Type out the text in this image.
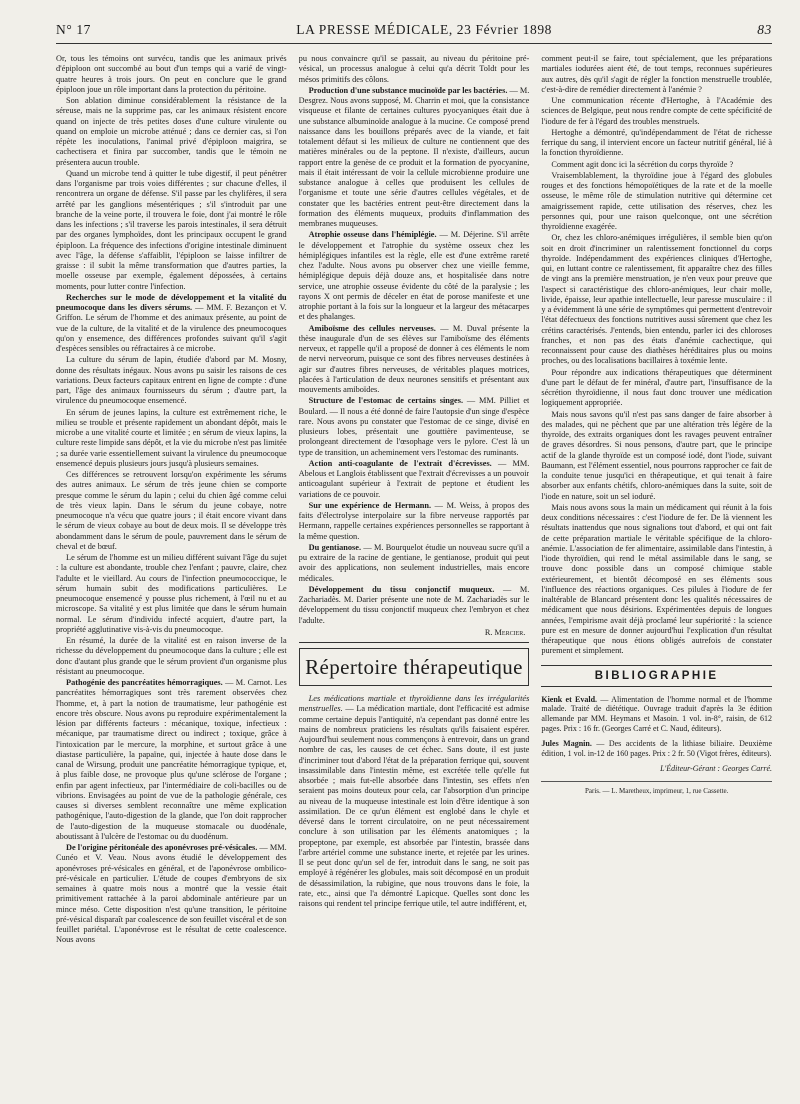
N° 17	LA PRESSE MÉDICALE, 23 Février 1898	83

Or, tous les témoins ont survécu, tandis que les animaux privés d'épiploon ont succombé au bout d'un temps qui a varié de vingt-quatre heures à trois jours. On peut en conclure que le grand épiploon joue un rôle important dans la protection du péritoine.

Son ablation diminue considérablement la résistance de la séreuse, mais ne la supprime pas, car les animaux résistent encore quand on injecte de très petites doses d'une culture virulente ou quand on emploie un microbe atténué ; dans ce dernier cas, si l'on répète les inoculations, l'animal privé d'épiploon maigrira, se cachectisera et finira par succomber, tandis que le témoin ne présentera aucun trouble.

Quand un microbe tend à quitter le tube digestif, il peut pénétrer dans l'organisme par trois voies différentes ; sur chacune d'elles, il rencontrera un organe de défense. S'il passe par les chylifères, il sera arrêté par les ganglions mésentériques ; s'il s'introduit par une branche de la veine porte, il trouvera le foie, dont j'ai montré le rôle dans les infections ; s'il traverse les parois intestinales, il sera détruit par des organes lymphoïdes, dont les principaux occupent le grand épiploon. La fréquence des infections d'origine intestinale diminuent avec l'âge, la défense s'affaiblit, l'épiploon se laisse infiltrer de graisse : il subit la même transformation que d'autres parties, la moelle osseuse par exemple, également dépossées, à certains moments, pour lutter contre l'infection.

Recherches sur le mode de développement et la vitalité du pneumocoque dans les divers sérums. — MM. F. Bezançon et V. Griffon. Le sérum de l'homme et des animaux présente, au point de vue de la culture, de la vitalité et de la virulence des pneumocoques qu'on y ensemence, des différences profondes suivant qu'il s'agit d'espèces sensibles ou réfractaires à ce microbe.

La culture du sérum de lapin, étudiée d'abord par M. Mosny, donne des résultats inégaux. Nous avons pu saisir les raisons de ces variations. Deux facteurs capitaux entrent en ligne de compte : d'une part, l'âge des animaux fournisseurs du sérum ; d'autre part, la virulence du pneumocoque ensemencé.

En sérum de jeunes lapins, la culture est extrêmement riche, le milieu se trouble et présente rapidement un abondant dépôt, mais le microbe a une vitalité courte et limitée ; en sérum de vieux lapins, la culture reste limpide sans dépôt, et la vie du microbe n'est pas limitée ; sa durée varie essentiellement suivant la virulence du pneumocoque ensemencé depuis plusieurs jours jusqu'à plusieurs semaines.

Ces différences se retrouvent lorsqu'on expérimente les sérums des autres animaux. Le sérum de très jeune chien se comporte presque comme le sérum du lapin ; celui du chien âgé comme celui de très vieux lapin. Dans le sérum du jeune cobaye, notre pneumocoque n'a vécu que quatre jours ; il était encore vivant dans le sérum de vieux cobaye au bout de deux mois. Il se développe très abondamment dans le sérum de poule, pauvrement dans le sérum de cheval et de bœuf.

Le sérum de l'homme est un milieu différent suivant l'âge du sujet : la culture est abondante, trouble chez l'enfant ; pauvre, claire, chez l'adulte et le vieillard. Au cours de l'infection pneumococcique, le sérum humain subit des modifications particulières. Le pneumocoque ensemencé y pousse plus richement, à l'œil nu et au microscope. Sa vitalité y est plus limitée que dans le sérum humain normal. Le sérum d'individu infecté acquiert, d'autre part, la propriété agglutinative vis-à-vis du pneumocoque.

En résumé, la durée de la vitalité est en raison inverse de la richesse du développement du pneumocoque dans la culture ; elle est donc d'autant plus grande que le sérum provient d'un organisme plus résistant au pneumocoque.

Pathogénie des pancréatites hémorragiques. — M. Carnot. Les pancréatites hémorragiques sont très rarement observées chez l'homme, et, à part la notion de traumatisme, leur pathogénie est encore très obscure. Nous avons pu reproduire expérimentalement la lésion par différents facteurs : mécanique, toxique, infectieux : mécanique, par traumatisme direct ou indirect ; toxique, grâce à l'intoxication par le mercure, la morphine, et surtout grâce à une diastase particulière, la papaïne, qui, injectée à haute dose dans le canal de Wirsung, produit une pancréatite hémorragique typique, et, à plus faible dose, ne provoque plus qu'une sclérose de l'organe ; enfin par agent infectieux, par l'intermédiaire de coli-bacilles ou de vibrions. Envisagées au point de vue de la pathologie générale, ces causes si diverses semblent reconnaître une même explication pathogénique, l'auto-digestion de la glande, que l'on doit rapprocher de l'auto-digestion de la muqueuse stomacale ou duodénale, aboutissant à l'ulcère de l'estomac ou du duodénum.

De l'origine péritonéale des aponévroses pré-vésicales. — MM. Cunéo et V. Veau. Nous avons étudié le développement des aponévroses pré-vésicales en général, et de l'aponévrose ombilico-pré-vésicale en particulier. L'étude de coupes d'embryons de six semaines à quatre mois nous a montré que la vessie était primitivement rattachée à la paroi abdominale antérieure par un mince méso. Cette disposition n'est qu'une transition, le péritoine pré-vésical disparaît par coalescence de son feuillet viscéral et de son feuillet pariétal. L'aponévrose est le résultat de cette coalescence. Nous avons

pu nous convaincre qu'il se passait, au niveau du péritoine pré-vésical, un processus analogue à celui qu'a décrit Toldt pour les mésos primitifs des côlons.

Production d'une substance mucinoïde par les bactéries. — M. Desgrez. Nous avons supposé, M. Charrin et moi, que la consistance visqueuse et filante de certaines cultures pyocyaniques était due à une substance albuminoïde analogue à la mucine. Ce composé prend naissance dans les bouillons préparés avec de la viande, et fait totalement défaut si les milieux de culture ne contiennent que des matières minérales ou de la peptone. Il n'existe, d'ailleurs, aucun rapport entre la genèse de ce produit et la formation de pyocyanine, mais il était intéressant de voir la cellule microbienne produire une substance analogue à celles que produisent les cellules de l'organisme et toute une série d'autres cellules végétales, et de constater que les bactéries entrent peut-être directement dans la formation des éléments muqueux, produits d'inflammation des membranes muqueuses.

Atrophie osseuse dans l'hémiplégie. — M. Déjerine. S'il arrête le développement et l'atrophie du système osseux chez les hémiplégiques infantiles est la règle, elle est d'une extrême rareté chez l'adulte. Nous avons pu observer chez une vieille femme, hémiplégique depuis déjà douze ans, et hospitalisée dans notre service, une atrophie osseuse évidente du côté de la paralysie ; les rayons X ont permis de déceler en état de porose manifeste et une atrophie portant à la fois sur la longueur et la largeur des métacarpes et des phalanges.

Amiboïsme des cellules nerveuses. — M. Duval présente la thèse inaugurale d'un de ses élèves sur l'amiboïsme des éléments nerveux, et rappelle qu'il a proposé de donner à ces éléments le nom de nervi nerveorum, puisque ce sont des fibres nerveuses destinées à agir sur d'autres fibres nerveuses, de véritables plaques motrices, placées à l'articulation de deux neurones sensitifs et présentant aux mouvements amiboïdes.

Structure de l'estomac de certains singes. — MM. Pilliet et Boulard. — Il nous a été donné de faire l'autopsie d'un singe d'espèce rare. Nous avons pu constater que l'estomac de ce singe, divisé en plusieurs lobes, présentait une gouttière pavimenteuse, se prolongeant directement de l'œsophage vers le pylore. C'est là un type de transition, un acheminement vers l'estomac des ruminants.

Action anti-coagulante de l'extrait d'écrevisses. — MM. Abelous et Langlois établissent que l'extrait d'écrevisses a un pouvoir anticoagulant supérieur à l'extrait de peptone et étudient les variations de ce pouvoir.

Sur une expérience de Hermann. — M. Weiss, à propos des faits d'électrolyse interpolaire sur la fibre nerveuse rapportés par Hermann, rappelle certaines expériences personnelles se rapportant à la même question.

Du gentianose. — M. Bourquelot étudie un nouveau sucre qu'il a pu extraire de la racine de gentiane, le gentianose, produit qui peut avoir des applications, non seulement industrielles, mais encore médicales.

Développement du tissu conjonctif muqueux. — M. Zachariadès. M. Darier présente une note de M. Zachariadès sur le développement du tissu conjonctif muqueux chez l'embryon et chez l'adulte.

R. Mercier.
Répertoire thérapeutique

Les médications martiale et thyroïdienne dans les irrégularités menstruelles. — La médication martiale, dont l'efficacité est admise comme certaine depuis l'antiquité, n'a cependant pas donné entre les mains de nombreux praticiens les résultats qu'ils faisaient espérer. Aujourd'hui seulement nous commençons à entrevoir, dans un grand nombre de cas, les causes de cet échec. Sans doute, il est juste d'incriminer tout d'abord l'état de la préparation ferrique qui, souvent insassimilable dans l'intestin même, est excrétée telle qu'elle fut absorbée ; mais fut-elle absorbée dans l'intestin, ses effets n'en seraient pas moins douteux pour cela, car l'absorption d'un principe au niveau de la muqueuse intestinale est loin d'être identique à son assimilation. De ce qu'un élément est englobé dans le chyle et déversé dans le torrent circulatoire, on ne peut nécessairement conclure à son utilisation par les éléments anatomiques ; la propeptone, par exemple, est absorbée par l'intestin, brassée dans l'arbre artériel comme une substance inerte, et rejetée par les urines. Il se peut donc qu'un sel de fer, introduit dans le sang, ne soit pas employé à régénérer les globules, mais soit décomposé en un produit de désassimilation, la rubigine, que nous trouvons dans le foie, la rate, etc., ainsi que l'a démontré Lapicque. Quelles sont donc les raisons qui rendent tel principe ferrique utile, tel autre indifférent, et,

comment peut-il se faire, tout spécialement, que les préparations martiales iodurées aient été, de tout temps, reconnues supérieures aux autres, dès qu'il s'agit de régler la fonction menstruelle troublée, c'est-à-dire de remédier directement à l'anémie ?

Une communication récente d'Hertoghe, à l'Académie des sciences de Belgique, peut nous rendre compte de cette spécificité de l'iodure de fer à l'égard des troubles menstruels.

Hertoghe a démontré, qu'indépendamment de l'état de richesse ferrique du sang, il intervient encore un facteur nutritif général, lié à la fonction thyroïdienne.

Comment agit donc ici la sécrétion du corps thyroïde ?

Vraisemblablement, la thyroïdine joue à l'égard des globules rouges et des fonctions hémopoïétiques de la rate et de la moelle osseuse, le même rôle de stimulation nutritive qui détermine cet amaigrissement rapide, cette utilisation des réserves, chez les personnes qui, pour une raison quelconque, ont une sécrétion thyroïdienne exagérée.

Or, chez les chloro-anémiques irrégulières, il semble bien qu'on soit en droit d'incriminer un ralentissement fonctionnel du corps thyroïde. Indépendamment des expériences cliniques d'Hertoghe, qui, en luttant contre ce ralentissement, fit apparaître chez des filles de vingt ans la première menstruation, je n'en veux pour preuve que l'aspect si caractéristique des chloro-anémiques, leur chair molle, livide, épaisse, leur apathie intellectuelle, leur paresse musculaire : il y a évidemment là une série de symptômes qui permettent d'entrevoir l'état défectueux des fonctions nutritives aussi sûrement que chez les crétins caractérisés. J'entends, bien entendu, parler ici des chloroses franches, et non pas des états d'anémie cachectique, qui reconnaissent pour cause des diathèses héréditaires plus ou moins proches, ou des localisations bacillaires à toxémie lente.

Pour répondre aux indications thérapeutiques que déterminent d'une part le défaut de fer minéral, d'autre part, l'insuffisance de la sécrétion thyroïdienne, il nous faut donc trouver une médication logiquement appropriée.

Mais nous savons qu'il n'est pas sans danger de faire absorber à des malades, qui ne pèchent que par une altération très légère de la thyroïde, des extraits organiques dont les ravages peuvent entraîner de graves désordres. Si nous pensons, d'autre part, que le principe actif de la glande thyroïde est un composé iodé, dont l'iode, suivant Baumann, est l'élément essentiel, nous pourrons rapprocher ce fait de la conduite tenue jusqu'ici en thérapeutique, et qui tenait à faire absorber aux enfants chétifs, chloro-anémiques dans la suite, soit de l'iode en nature, soit un sel ioduré.

Mais nous avons sous la main un médicament qui réunit à la fois deux conditions nécessaires : c'est l'iodure de fer. De là viennent les résultats inattendus que nous signalions tout d'abord, et qui ont fait de cette préparation martiale le véritable spécifique de la chloro-anémie. L'association de fer alimentaire, assimilable dans l'intestin, à l'iode thyroïdien, qui rend le métal assimilable dans le sang, se trouve donc possible dans un composé chimique stable extérieurement, et bientôt décomposé en ses éléments sous l'influence des réactions organiques. Ces pilules à l'iodure de fer inaltérable de Blancard présentent donc les qualités nécessaires de médicament que nous désirions. Expérimentées depuis de longues années, l'empirisme avait déjà proclamé leur supériorité : la science pure est en mesure de donner aujourd'hui l'explication d'un résultat thérapeutique que nous étions obligés autrefois de constater purement et simplement.

BIBLIOGRAPHIE

Kienk et Evald. — Alimentation de l'homme normal et de l'homme malade. Traité de diététique. Ouvrage traduit d'après la 3e édition allemande par MM. Heymans et Masoin. 1 vol. in-8°, raisin, de 612 pages. Prix : 16 fr. (Georges Carré et C. Naud, éditeurs).

Jules Magnin. — Des accidents de la lithiase biliaire. Deuxième édition, 1 vol. in-12 de 160 pages. Prix : 2 fr. 50 (Vigot frères, éditeurs).

L'Éditeur-Gérant : Georges Carré.
Paris. — L. Maretheux, imprimeur, 1, rue Cassette.
